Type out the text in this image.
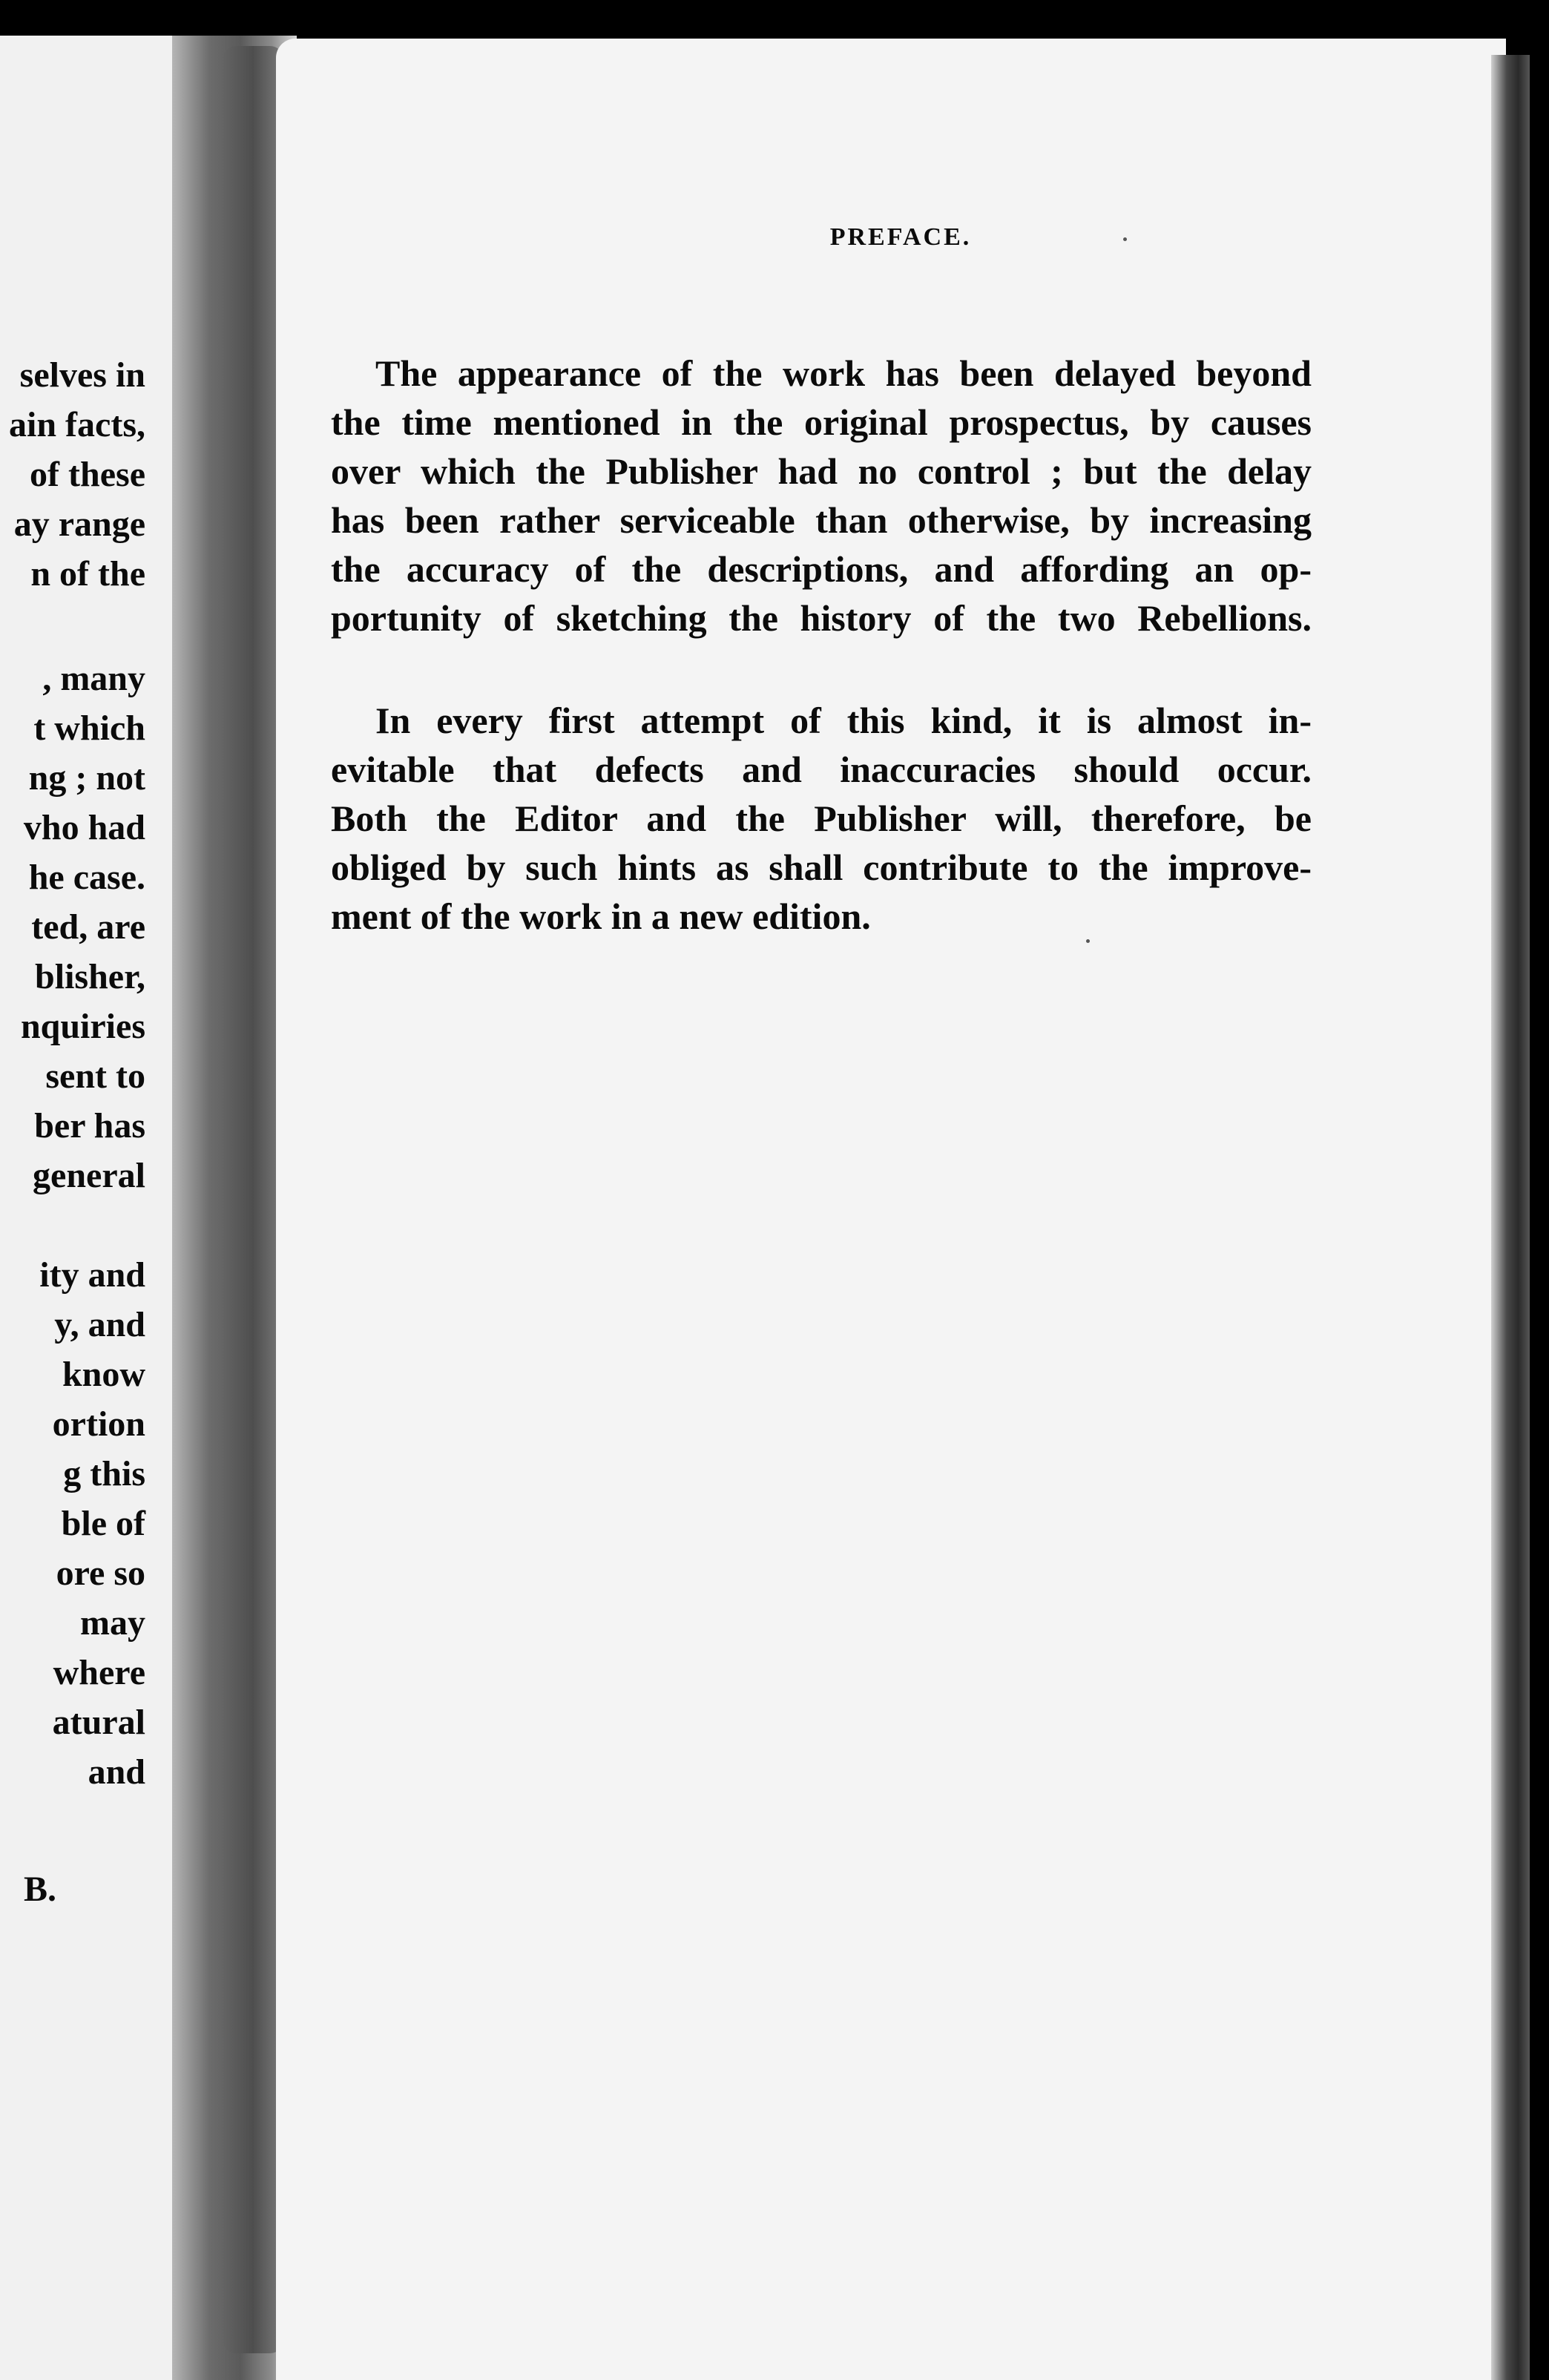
selves in
ain facts,
of these
ay range
n of the
, many
t which
ng ; not
vho had
he case.
ted, are
blisher,
nquiries
sent to
ber has
general
ity and
y, and
know
ortion
g this
ble of
ore so
may
where
atural
and
B.
PREFACE.
The appearance of the work has been delayed beyond
the time mentioned in the original prospectus, by causes
over which the Publisher had no control ; but the delay
has been rather serviceable than otherwise, by increasing
the accuracy of the descriptions, and affording an op-
portunity of sketching the history of the two Rebellions.
In every first attempt of this kind, it is almost in-
evitable that defects and inaccuracies should occur.
Both the Editor and the Publisher will, therefore, be
obliged by such hints as shall contribute to the improve-
ment of the work in a new edition.
